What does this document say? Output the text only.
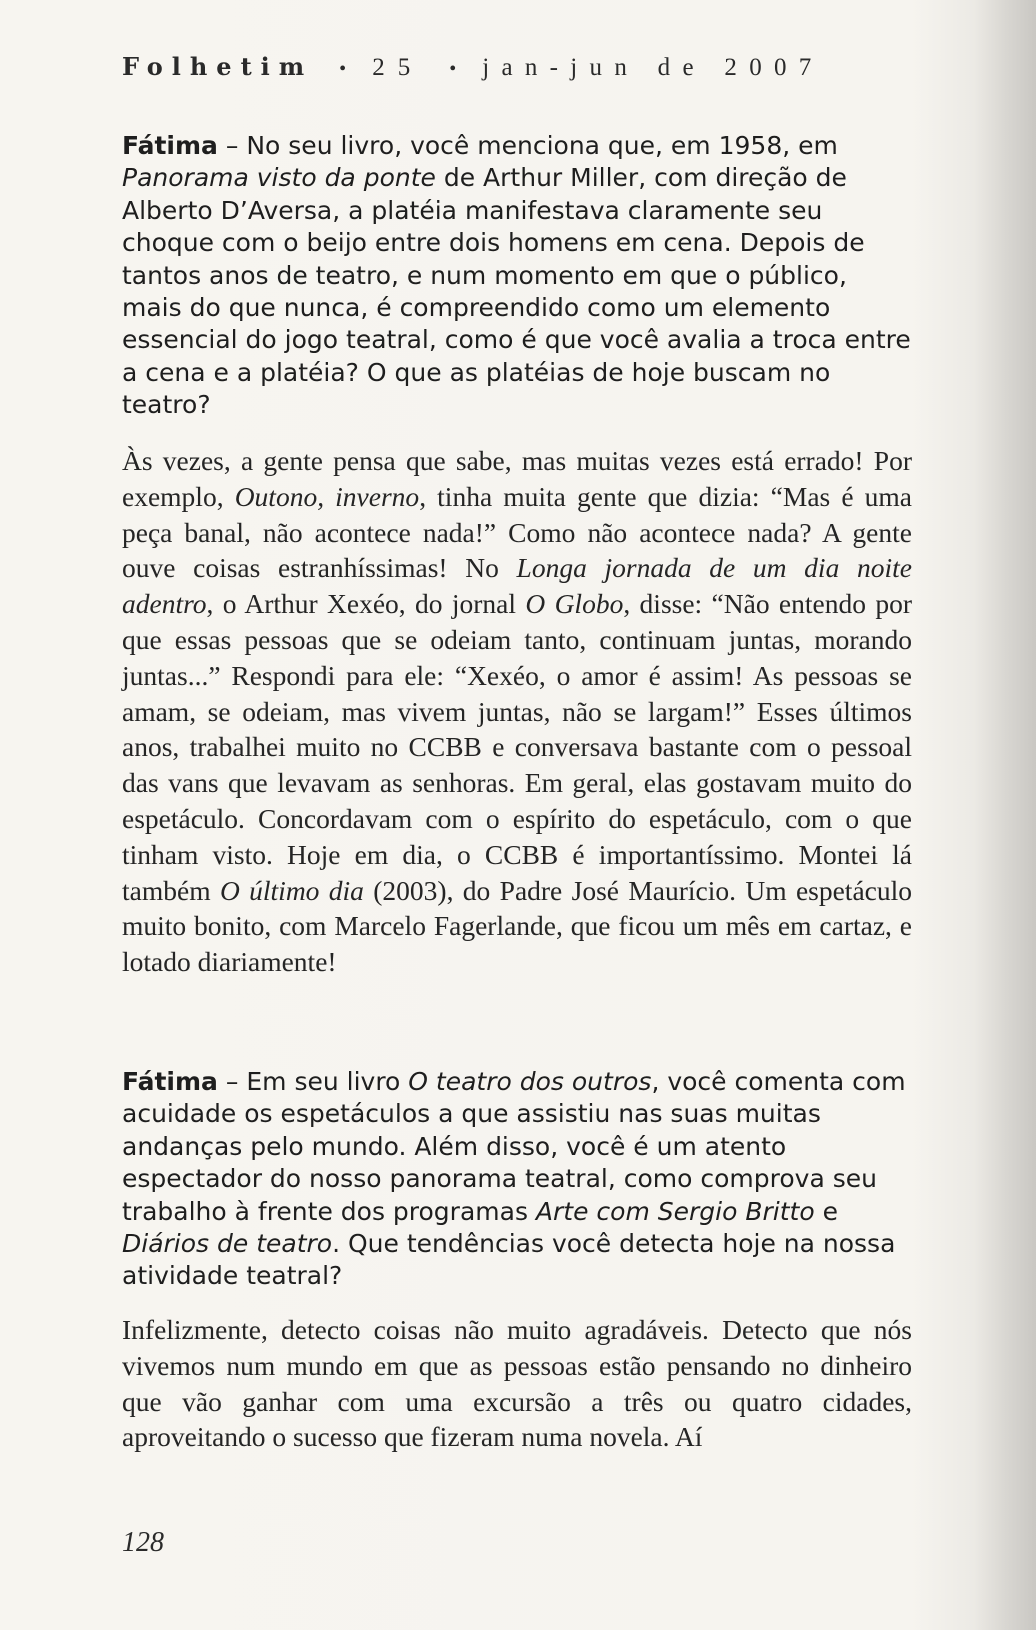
Folhetim • 25 • jan-jun de 2007

Fátima – No seu livro, você menciona que, em 1958, em Panorama visto da ponte de Arthur Miller, com direção de Alberto D’Aversa, a platéia manifestava claramente seu choque com o beijo entre dois homens em cena. Depois de tantos anos de teatro, e num momento em que o público, mais do que nunca, é compreendido como um elemento essencial do jogo teatral, como é que você avalia a troca entre a cena e a platéia? O que as platéias de hoje buscam no teatro?

Às vezes, a gente pensa que sabe, mas muitas vezes está errado! Por exemplo, Outono, inverno, tinha muita gente que dizia: “Mas é uma peça banal, não acontece nada!” Como não acontece nada? A gente ouve coisas estranhíssimas! No Longa jornada de um dia noite adentro, o Arthur Xexéo, do jornal O Globo, disse: “Não entendo por que essas pessoas que se odeiam tanto, continuam juntas, morando juntas...” Respondi para ele: “Xexéo, o amor é assim! As pessoas se amam, se odeiam, mas vivem juntas, não se largam!” Esses últimos anos, trabalhei muito no CCBB e conversava bastante com o pessoal das vans que levavam as senhoras. Em geral, elas gostavam muito do espetáculo. Concordavam com o espírito do espetáculo, com o que tinham visto. Hoje em dia, o CCBB é importantíssimo. Montei lá também O último dia (2003), do Padre José Maurício. Um espetáculo muito bonito, com Marcelo Fagerlande, que ficou um mês em cartaz, e lotado diariamente!

Fátima – Em seu livro O teatro dos outros, você comenta com acuidade os espetáculos a que assistiu nas suas muitas andanças pelo mundo. Além disso, você é um atento espectador do nosso panorama teatral, como comprova seu trabalho à frente dos programas Arte com Sergio Britto e Diários de teatro. Que tendências você detecta hoje na nossa atividade teatral?

Infelizmente, detecto coisas não muito agradáveis. Detecto que nós vivemos num mundo em que as pessoas estão pensando no dinheiro que vão ganhar com uma excursão a três ou quatro cidades, aproveitando o sucesso que fizeram numa novela. Aí

128
